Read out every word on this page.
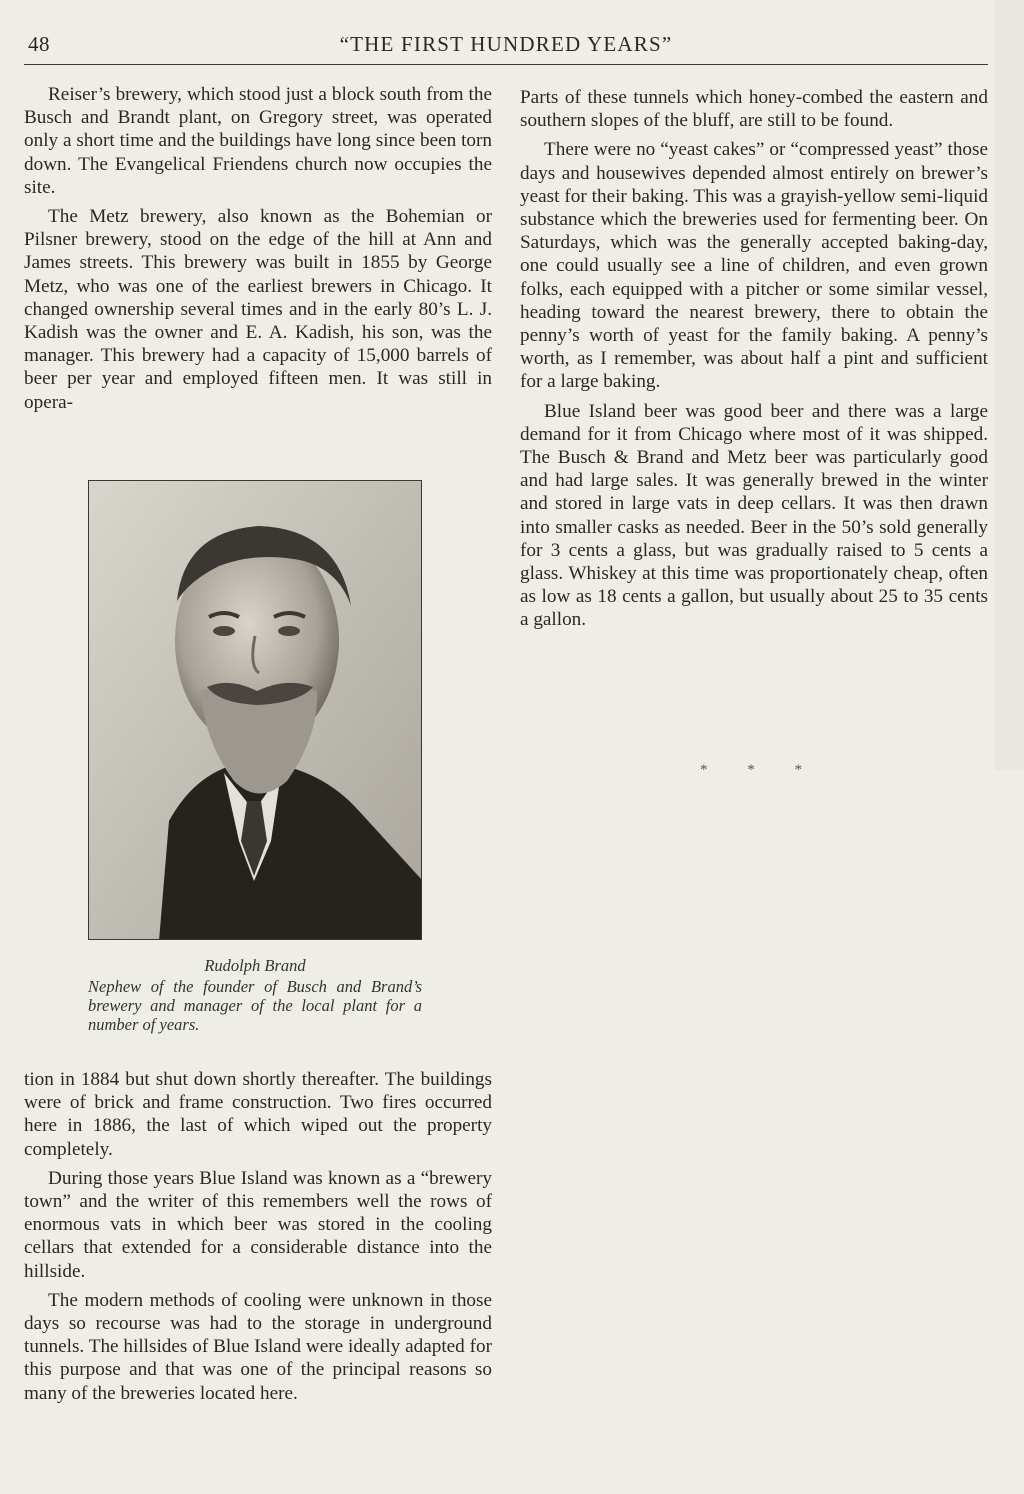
48	“THE FIRST HUNDRED YEARS”

Reiser’s brewery, which stood just a block south from the Busch and Brandt plant, on Gregory street, was operated only a short time and the buildings have long since been torn down. The Evangelical Friendens church now occupies the site.

The Metz brewery, also known as the Bohemian or Pilsner brewery, stood on the edge of the hill at Ann and James streets. This brewery was built in 1855 by George Metz, who was one of the earliest brewers in Chicago. It changed ownership several times and in the early 80’s L. J. Kadish was the owner and E. A. Kadish, his son, was the manager. This brewery had a capacity of 15,000 barrels of beer per year and employed fifteen men. It was still in opera-

Rudolph Brand

Nephew of the founder of Busch and Brand’s brewery and manager of the local plant for a number of years.

tion in 1884 but shut down shortly thereafter. The buildings were of brick and frame construction. Two fires occurred here in 1886, the last of which wiped out the property completely.

During those years Blue Island was known as a “brewery town” and the writer of this remembers well the rows of enormous vats in which beer was stored in the cooling cellars that extended for a considerable distance into the hillside.

The modern methods of cooling were unknown in those days so recourse was had to the storage in underground tunnels. The hillsides of Blue Island were ideally adapted for this purpose and that was one of the principal reasons so many of the breweries located here.

Parts of these tunnels which honey-combed the eastern and southern slopes of the bluff, are still to be found.

There were no “yeast cakes” or “compressed yeast” those days and housewives depended almost entirely on brewer’s yeast for their baking. This was a grayish-yellow semi-liquid substance which the breweries used for fermenting beer. On Saturdays, which was the generally accepted baking-day, one could usually see a line of children, and even grown folks, each equipped with a pitcher or some similar vessel, heading toward the nearest brewery, there to obtain the penny’s worth of yeast for the family baking. A penny’s worth, as I remember, was about half a pint and sufficient for a large baking.

Blue Island beer was good beer and there was a large demand for it from Chicago where most of it was shipped. The Busch & Brand and Metz beer was particularly good and had large sales. It was generally brewed in the winter and stored in large vats in deep cellars. It was then drawn into smaller casks as needed. Beer in the 50’s sold generally for 3 cents a glass, but was gradually raised to 5 cents a glass. Whiskey at this time was proportionately cheap, often as low as 18 cents a gallon, but usually about 25 to 35 cents a gallon.

* * *
